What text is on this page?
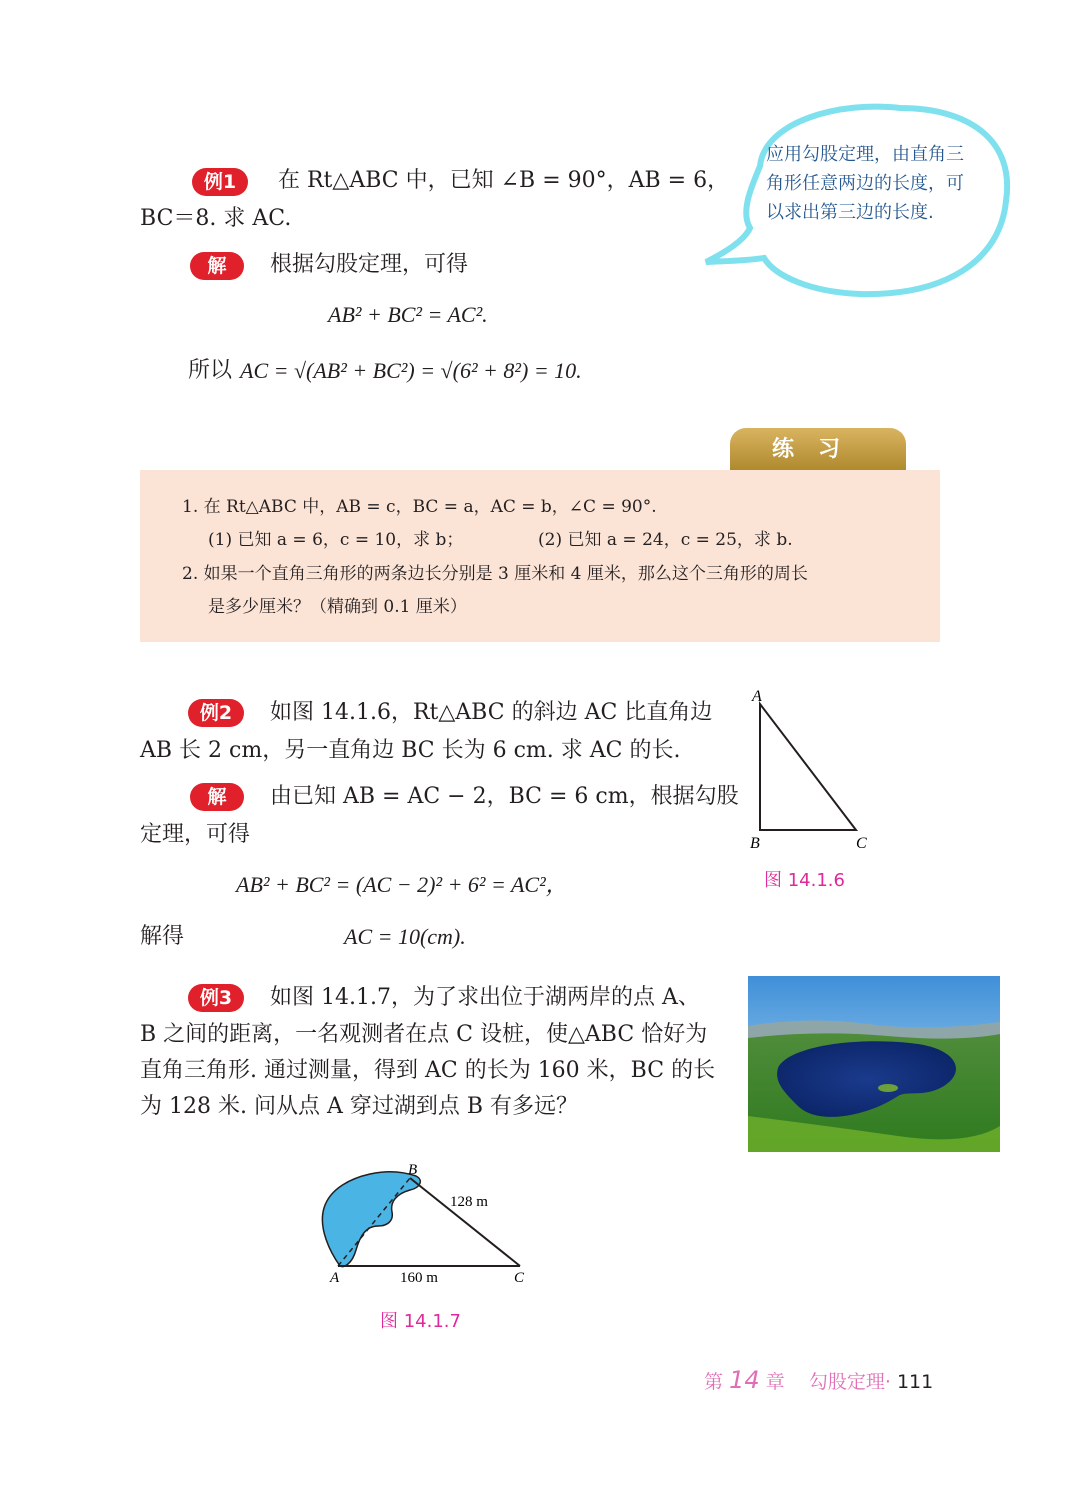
应用勾股定理，由直角三角形任意两边的长度，可以求出第三边的长度.
例1	在 Rt△ABC 中，已知 ∠B = 90°，AB = 6，
BC＝8. 求 AC.
解	根据勾股定理，可得
AB² + BC² = AC².
所以 AC = √(AB² + BC²) = √(6² + 8²) = 10.
练习
1. 在 Rt△ABC 中，AB = c，BC = a，AC = b，∠C = 90°.
(1) 已知 a = 6，c = 10，求 b；	(2) 已知 a = 24，c = 25，求 b.
2. 如果一个直角三角形的两条边长分别是 3 厘米和 4 厘米，那么这个三角形的周长
是多少厘米？（精确到 0.1 厘米）
例2	如图 14.1.6，Rt△ABC 的斜边 AC 比直角边
AB 长 2 cm，另一直角边 BC 长为 6 cm. 求 AC 的长.
解	由已知 AB = AC − 2，BC = 6 cm，根据勾股
定理，可得
AB² + BC² = (AC − 2)² + 6² = AC²，
解得	AC = 10(cm).
A
B	C
图 14.1.6
例3	如图 14.1.7，为了求出位于湖两岸的点 A、
B 之间的距离，一名观测者在点 C 设桩，使△ABC 恰好为
直角三角形. 通过测量，得到 AC 的长为 160 米，BC 的长
为 128 米. 问从点 A 穿过湖到点 B 有多远？
B
A	C
128 m
160 m
图 14.1.7
第 14 章 勾股定理· 111
